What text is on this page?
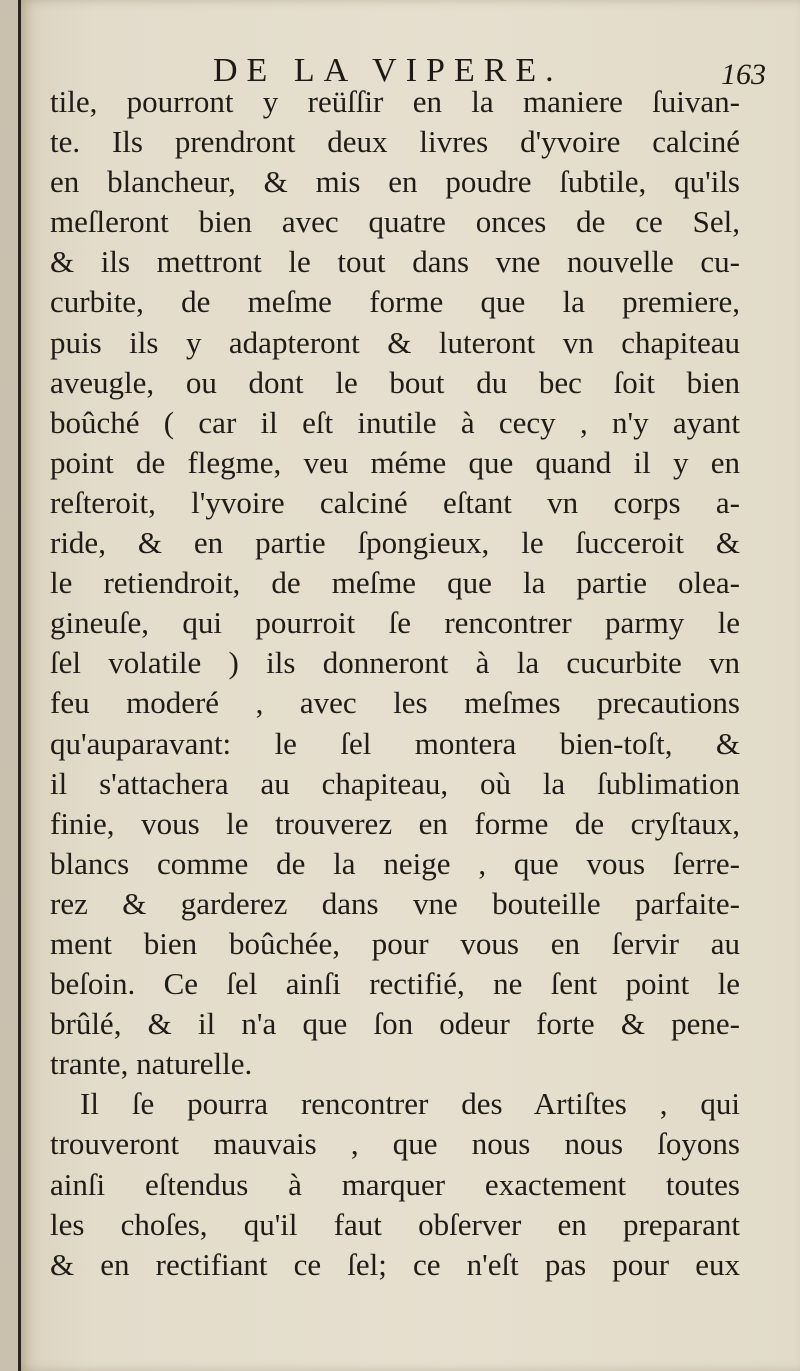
DE LA VIPERE.	163
tile, pourront y reüſſir en la maniere ſuivan-
te. Ils prendront deux livres d'yvoire calciné
en blancheur, & mis en poudre ſubtile, qu'ils
meſleront bien avec quatre onces de ce Sel,
& ils mettront le tout dans vne nouvelle cu-
curbite, de meſme forme que la premiere,
puis ils y adapteront & luteront vn chapiteau
aveugle, ou dont le bout du bec ſoit bien
boûché ( car il eſt inutile à cecy , n'y ayant
point de flegme, veu méme que quand il y en
reſteroit, l'yvoire calciné eſtant vn corps a-
ride, & en partie ſpongieux, le ſucceroit &
le retiendroit, de meſme que la partie olea-
gineuſe, qui pourroit ſe rencontrer parmy le
ſel volatile ) ils donneront à la cucurbite vn
feu moderé , avec les meſmes precautions
qu'auparavant: le ſel montera bien-toſt, &
il s'attachera au chapiteau, où la ſublimation
finie, vous le trouverez en forme de cryſtaux,
blancs comme de la neige , que vous ſerre-
rez & garderez dans vne bouteille parfaite-
ment bien boûchée, pour vous en ſervir au
beſoin. Ce ſel ainſi rectifié, ne ſent point le
brûlé, & il n'a que ſon odeur forte & pene-
trante, naturelle.
Il ſe pourra rencontrer des Artiſtes , qui
trouveront mauvais , que nous nous ſoyons
ainſi eſtendus à marquer exactement toutes
les choſes, qu'il faut obſerver en preparant
& en rectifiant ce ſel; ce n'eſt pas pour eux
